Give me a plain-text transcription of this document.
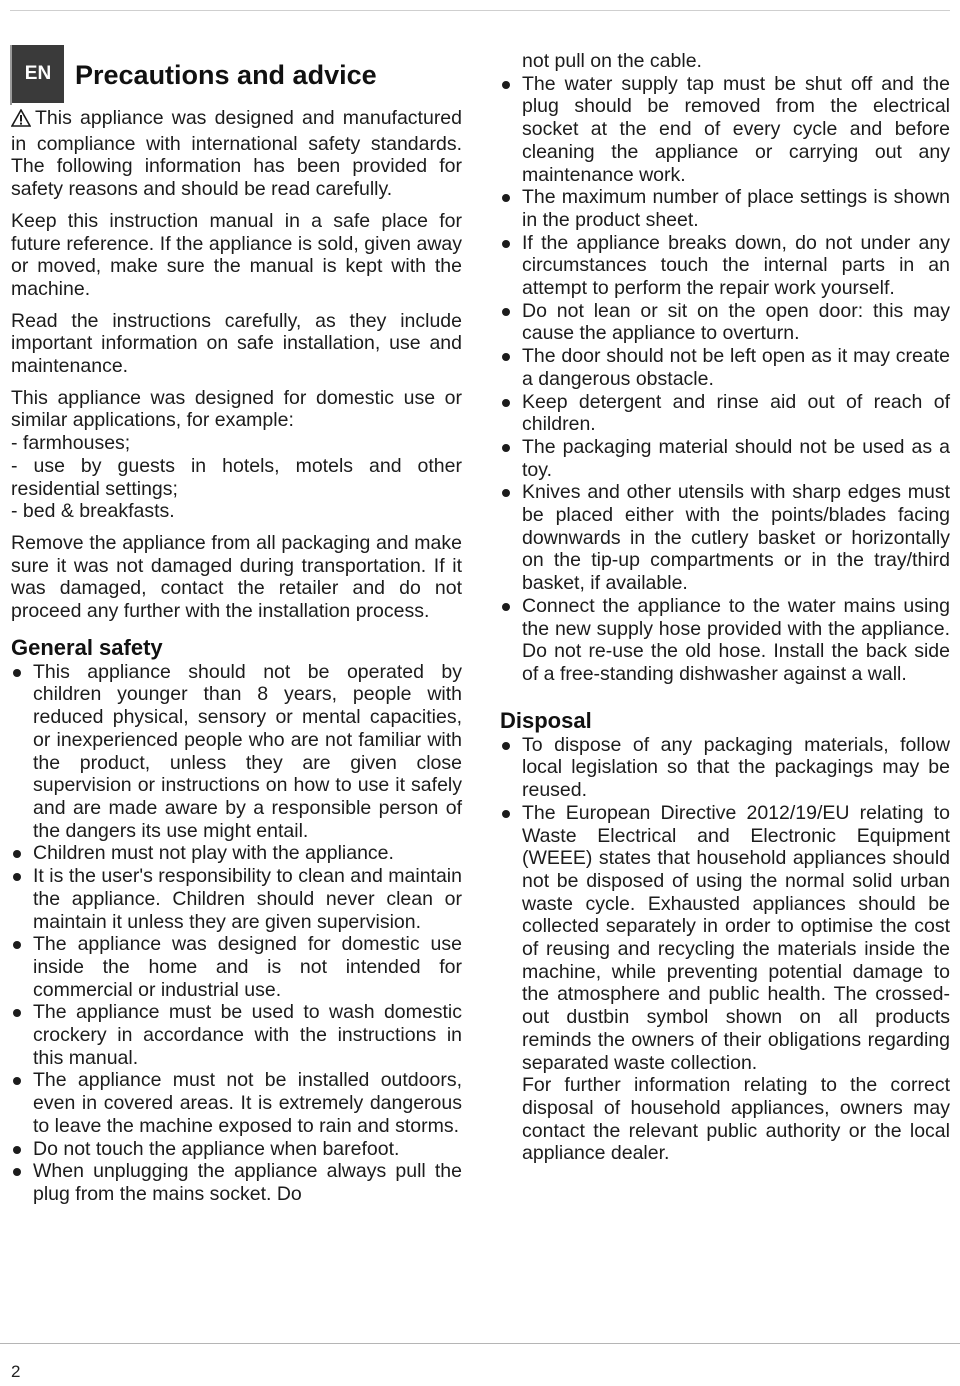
EN Precautions and advice

This appliance was designed and manufactured in compliance with international safety standards. The following information has been provided for safety reasons and should be read carefully.

Keep this instruction manual in a safe place for future reference. If the appliance is sold, given away or moved, make sure the manual is kept with the machine.

Read the instructions carefully, as they include important information on safe installation, use and maintenance.

This appliance was designed for domestic use or similar applications, for example:
- farmhouses;
- use by guests in hotels, motels and other residential settings;
- bed & breakfasts.

Remove the appliance from all packaging and make sure it was not damaged during transportation. If it was damaged, contact the retailer and do not proceed any further with the installation process.

General safety
This appliance should not be operated by children younger than 8 years, people with reduced physical, sensory or mental capacities, or inexperienced people who are not familiar with the product, unless they are given close supervision or instructions on how to use it safely and are made aware by a responsible person of the dangers its use might entail.
Children must not play with the appliance.
It is the user's responsibility to clean and maintain the appliance. Children should never clean or maintain it unless they are given supervision.
The appliance was designed for domestic use inside the home and is not intended for commercial or industrial use.
The appliance must be used to wash domestic crockery in accordance with the instructions in this manual.
The appliance must not be installed outdoors, even in covered areas. It is extremely dangerous to leave the machine exposed to rain and storms.
Do not touch the appliance when barefoot.
When unplugging the appliance always pull the plug from the mains socket. Do

not pull on the cable.

The water supply tap must be shut off and the plug should be removed from the electrical socket at the end of every cycle and before cleaning the appliance or carrying out any maintenance work.
The maximum number of place settings is shown in the product sheet.
If the appliance breaks down, do not under any circumstances touch the internal parts in an attempt to perform the repair work yourself.
Do not lean or sit on the open door: this may cause the appliance to overturn.
The door should not be left open as it may create a dangerous obstacle.
Keep detergent and rinse aid out of reach of children.
The packaging material should not be used as a toy.
Knives and other utensils with sharp edges must be placed either with the points/blades facing downwards in the cutlery basket or horizontally on the tip-up compartments or in the tray/third basket, if available.
Connect the appliance to the water mains using the new supply hose provided with the appliance. Do not re-use the old hose. Install the back side of a free-standing dishwasher against a wall.
Disposal
To dispose of any packaging materials, follow local legislation so that the packagings may be reused.
The European Directive 2012/19/EU relating to Waste Electrical and Electronic Equipment (WEEE) states that household appliances should not be disposed of using the normal solid urban waste cycle. Exhausted appliances should be collected separately in order to optimise the cost of reusing and recycling the materials inside the machine, while preventing potential damage to the atmosphere and public health. The crossed-out dustbin symbol shown on all products reminds the owners of their obligations regarding separated waste collection.

For further information relating to the correct disposal of household appliances, owners may contact the relevant public authority or the local appliance dealer.

2
